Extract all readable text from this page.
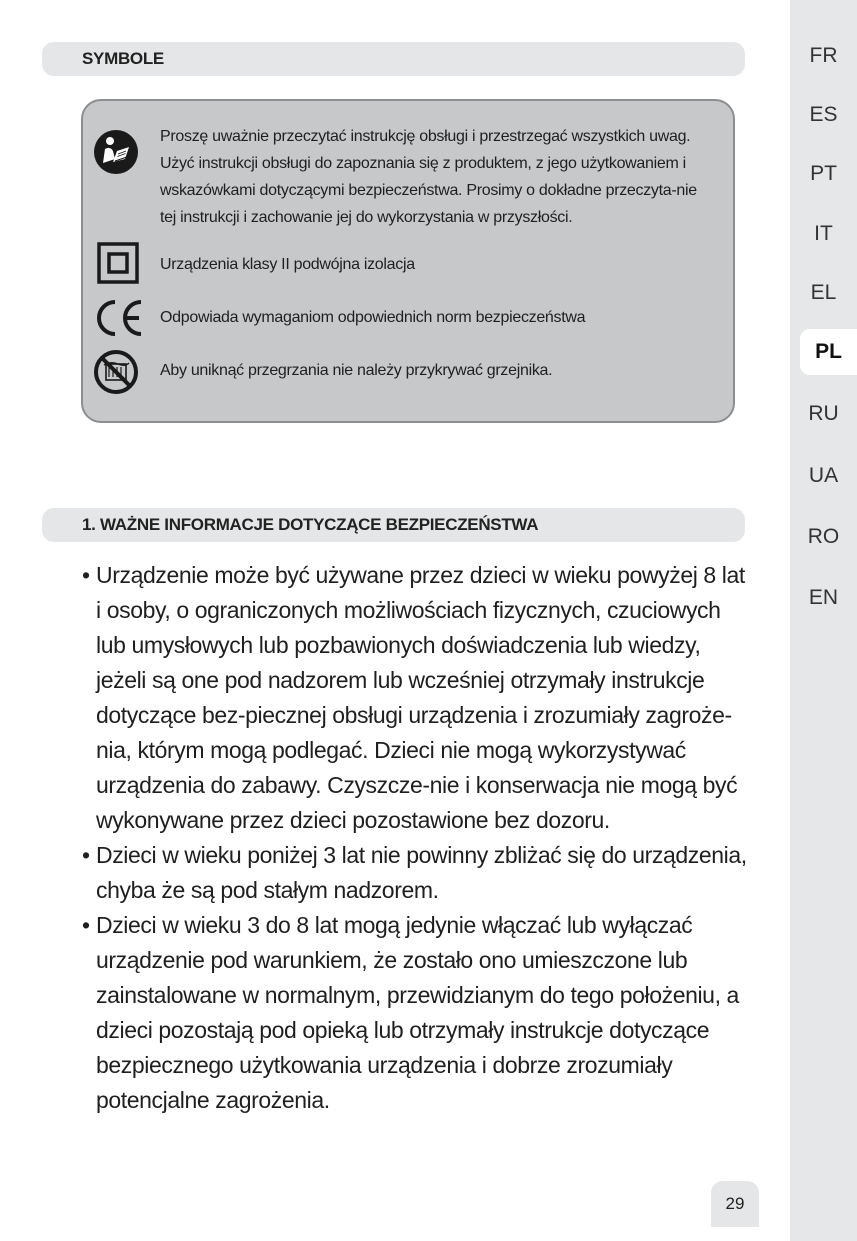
FR
ES
PT
IT
EL
PL
RU
UA
RO
EN
SYMBOLE
Proszę uważnie przeczytać instrukcję obsługi i przestrzegać wszystkich uwag. Użyć instrukcji obsługi do zapoznania się z produktem, z jego użytkowaniem i wskazówkami dotyczącymi bezpieczeństwa. Prosimy o dokładne przeczyta-nie tej instrukcji i zachowanie jej do wykorzystania w przyszłości.
Urządzenia klasy II podwójna izolacja
Odpowiada wymaganiom odpowiednich norm bezpieczeństwa
Aby uniknąć przegrzania nie należy przykrywać grzejnika.
1. WAŻNE INFORMACJE DOTYCZĄCE BEZPIECZEŃSTWA

• Urządzenie może być używane przez dzieci w wieku powyżej 8 lat i osoby, o ograniczonych możliwościach fizycznych, czuciowych lub umysłowych lub pozbawionych doświadczenia lub wiedzy, jeżeli są one pod nadzorem lub wcześniej otrzymały instrukcje dotyczące bez-piecznej obsługi urządzenia i zrozumiały zagroże-nia, którym mogą podlegać. Dzieci nie mogą wykorzystywać urządzenia do zabawy. Czyszcze-nie i konserwacja nie mogą być wykonywane przez dzieci pozostawione bez dozoru.

• Dzieci w wieku poniżej 3 lat nie powinny zbliżać się do urządzenia, chyba że są pod stałym nadzorem.

• Dzieci w wieku 3 do 8 lat mogą jedynie włączać lub wyłączać urządzenie pod warunkiem, że zostało ono umieszczone lub zainstalowane w normalnym, przewidzianym do tego położeniu, a dzieci pozostają pod opieką lub otrzymały instrukcje dotyczące bezpiecznego użytkowania urządzenia i dobrze zrozumiały potencjalne zagrożenia.

29
